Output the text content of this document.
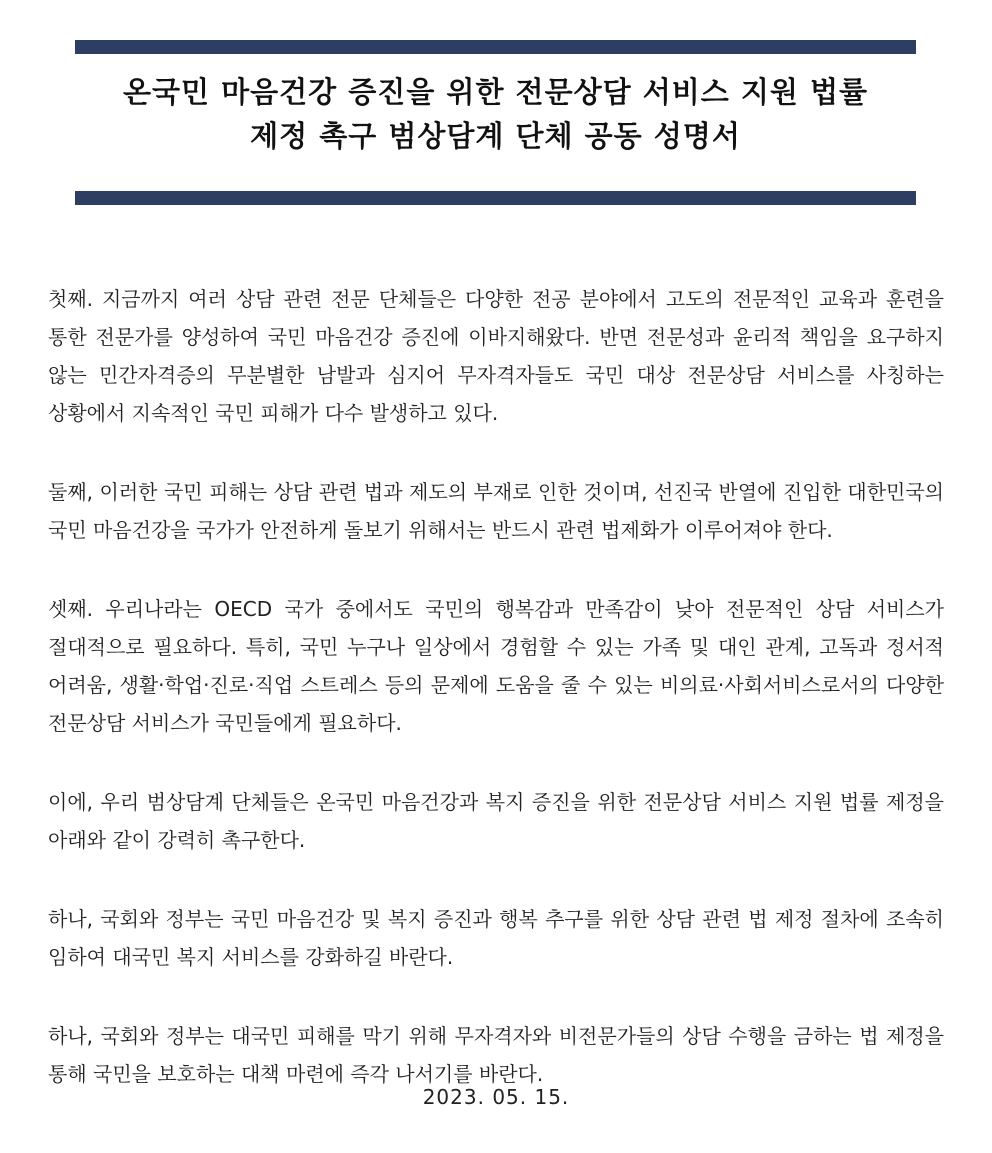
온국민 마음건강 증진을 위한 전문상담 서비스 지원 법률
제정 촉구 범상담계 단체 공동 성명서

첫째. 지금까지 여러 상담 관련 전문 단체들은 다양한 전공 분야에서 고도의 전문적인 교육과 훈련을 통한 전문가를 양성하여 국민 마음건강 증진에 이바지해왔다. 반면 전문성과 윤리적 책임을 요구하지 않는 민간자격증의 무분별한 남발과 심지어 무자격자들도 국민 대상 전문상담 서비스를 사칭하는 상황에서 지속적인 국민 피해가 다수 발생하고 있다.

둘째, 이러한 국민 피해는 상담 관련 법과 제도의 부재로 인한 것이며, 선진국 반열에 진입한 대한민국의 국민 마음건강을 국가가 안전하게 돌보기 위해서는 반드시 관련 법제화가 이루어져야 한다.

셋째. 우리나라는 OECD 국가 중에서도 국민의 행복감과 만족감이 낮아 전문적인 상담 서비스가 절대적으로 필요하다. 특히, 국민 누구나 일상에서 경험할 수 있는 가족 및 대인 관계, 고독과 정서적 어려움, 생활·학업·진로·직업 스트레스 등의 문제에 도움을 줄 수 있는 비의료·사회서비스로서의 다양한 전문상담 서비스가 국민들에게 필요하다.

이에, 우리 범상담계 단체들은 온국민 마음건강과 복지 증진을 위한 전문상담 서비스 지원 법률 제정을 아래와 같이 강력히 촉구한다.

하나, 국회와 정부는 국민 마음건강 및 복지 증진과 행복 추구를 위한 상담 관련 법 제정 절차에 조속히 임하여 대국민 복지 서비스를 강화하길 바란다.

하나, 국회와 정부는 대국민 피해를 막기 위해 무자격자와 비전문가들의 상담 수행을 금하는 법 제정을 통해 국민을 보호하는 대책 마련에 즉각 나서기를 바란다.

2023. 05. 15.
